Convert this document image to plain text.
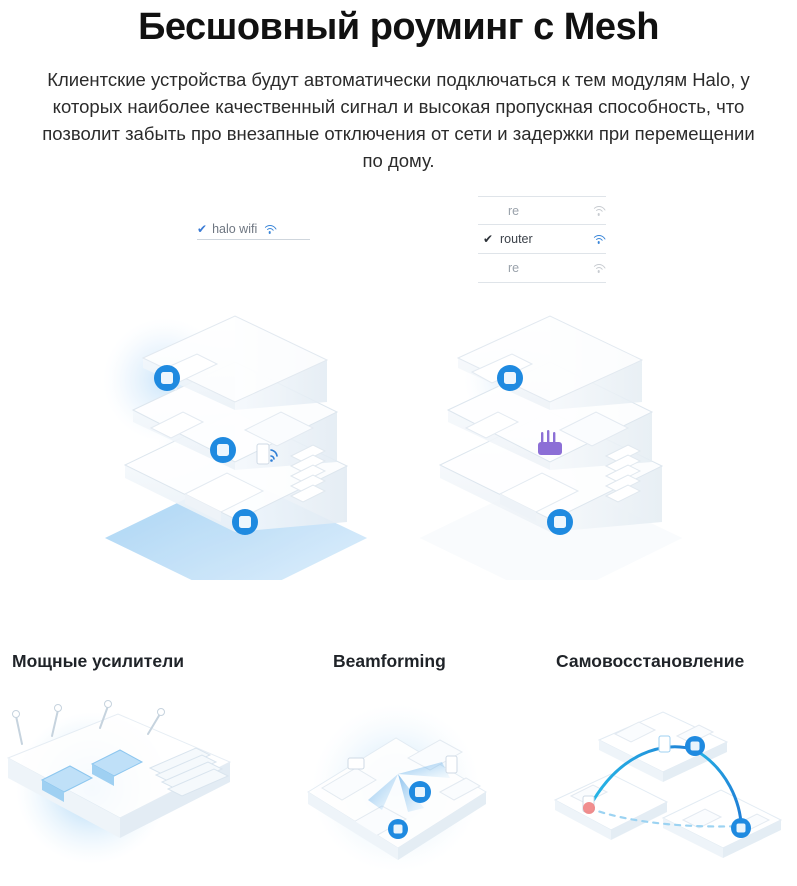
Бесшовный роуминг с Mesh

Клиентские устройства будут автоматически подключаться к тем модулям Halo, у которых наиболее качественный сигнал и высокая пропускная способность, что позволит забыть про внезапные отключения от сети и задержки при перемещении по дому.

✔ halo wifi
re
✔ router
re
Мощные усилители	Beamforming	Самовосстановление
